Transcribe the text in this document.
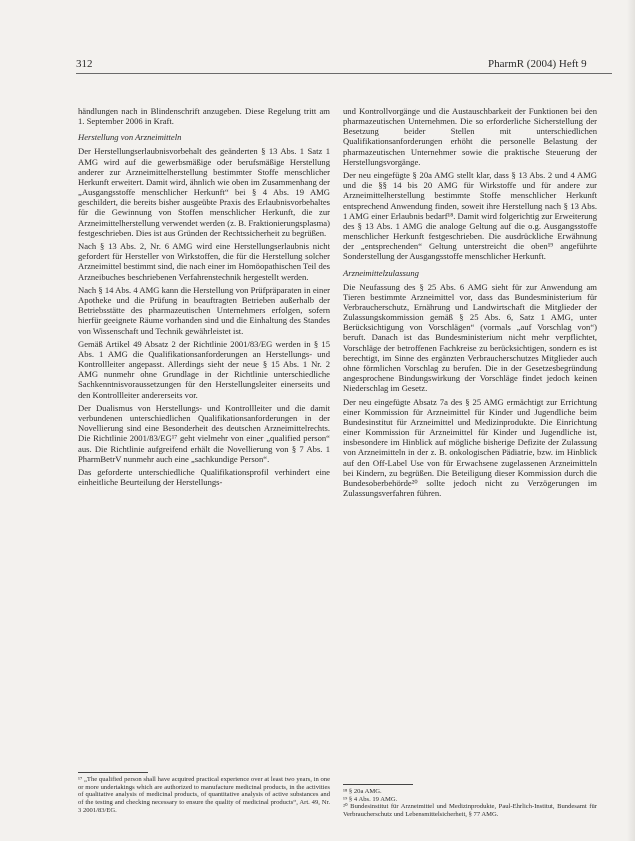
312	PharmR (2004) Heft 9

händlungen nach in Blindenschrift anzugeben. Diese Regelung tritt am 1. September 2006 in Kraft.

Herstellung von Arzneimitteln

Der Herstellungserlaubnisvorbehalt des geänderten § 13 Abs. 1 Satz 1 AMG wird auf die gewerbsmäßige oder berufsmäßige Herstellung anderer zur Arzneimittelherstellung bestimmter Stoffe menschlicher Herkunft erweitert. Damit wird, ähnlich wie oben im Zusammenhang der „Ausgangsstoffe menschlicher Herkunft“ bei § 4 Abs. 19 AMG geschildert, die bereits bisher ausgeübte Praxis des Erlaubnisvorbehaltes für die Gewinnung von Stoffen menschlicher Herkunft, die zur Arzneimittelherstellung verwendet werden (z. B. Fraktionierungsplasma) festgeschrieben. Dies ist aus Gründen der Rechtssicherheit zu begrüßen.

Nach § 13 Abs. 2, Nr. 6 AMG wird eine Herstellungserlaubnis nicht gefordert für Hersteller von Wirkstoffen, die für die Herstellung solcher Arzneimittel bestimmt sind, die nach einer im Homöopathischen Teil des Arzneibuches beschriebenen Verfahrenstechnik hergestellt werden.

Nach § 14 Abs. 4 AMG kann die Herstellung von Prüfpräparaten in einer Apotheke und die Prüfung in beauftragten Betrieben außerhalb der Betriebsstätte des pharmazeutischen Unternehmers erfolgen, sofern hierfür geeignete Räume vorhanden sind und die Einhaltung des Standes von Wissenschaft und Technik gewährleistet ist.

Gemäß Artikel 49 Absatz 2 der Richtlinie 2001/83/EG werden in § 15 Abs. 1 AMG die Qualifikationsanforderungen an Herstellungs- und Kontrollleiter angepasst. Allerdings sieht der neue § 15 Abs. 1 Nr. 2 AMG nunmehr ohne Grundlage in der Richtlinie unterschiedliche Sachkenntnisvoraussetzungen für den Herstellungsleiter einerseits und den Kontrollleiter andererseits vor.

Der Dualismus von Herstellungs- und Kontrollleiter und die damit verbundenen unterschiedlichen Qualifikationsanforderungen in der Novellierung sind eine Besonderheit des deutschen Arzneimittelrechts. Die Richtlinie 2001/83/EG¹⁷ geht vielmehr von einer „qualified person“ aus. Die Richtlinie aufgreifend erhält die Novellierung von § 7 Abs. 1 PharmBetrV nunmehr auch eine „sachkundige Person“.

Das geforderte unterschiedliche Qualifikationsprofil verhindert eine einheitliche Beurteilung der Herstellungs-

und Kontrollvorgänge und die Austauschbarkeit der Funktionen bei den pharmazeutischen Unternehmen. Die so erforderliche Sicherstellung der Besetzung beider Stellen mit unterschiedlichen Qualifikationsanforderungen erhöht die personelle Belastung der pharmazeutischen Unternehmer sowie die praktische Steuerung der Herstellungsvorgänge.

Der neu eingefügte § 20a AMG stellt klar, dass § 13 Abs. 2 und 4 AMG und die §§ 14 bis 20 AMG für Wirkstoffe und für andere zur Arzneimittelherstellung bestimmte Stoffe menschlicher Herkunft entsprechend Anwendung finden, soweit ihre Herstellung nach § 13 Abs. 1 AMG einer Erlaubnis bedarf¹⁸. Damit wird folgerichtig zur Erweiterung des § 13 Abs. 1 AMG die analoge Geltung auf die o.g. Ausgangsstoffe menschlicher Herkunft festgeschrieben. Die ausdrückliche Erwähnung der „entsprechenden“ Geltung unterstreicht die oben¹⁹ angeführte Sonderstellung der Ausgangsstoffe menschlicher Herkunft.

Arzneimittelzulassung

Die Neufassung des § 25 Abs. 6 AMG sieht für zur Anwendung am Tieren bestimmte Arzneimittel vor, dass das Bundesministerium für Verbraucherschutz, Ernährung und Landwirtschaft die Mitglieder der Zulassungskommission gemäß § 25 Abs. 6, Satz 1 AMG, unter Berücksichtigung von Vorschlägen“ (vormals „auf Vorschlag von“) beruft. Danach ist das Bundesministerium nicht mehr verpflichtet, Vorschläge der betroffenen Fachkreise zu berücksichtigen, sondern es ist berechtigt, im Sinne des ergänzten Verbraucherschutzes Mitglieder auch ohne förmlichen Vorschlag zu berufen. Die in der Gesetzesbegründung angesprochene Bindungswirkung der Vorschläge findet jedoch keinen Niederschlag im Gesetz.

Der neu eingefügte Absatz 7a des § 25 AMG ermächtigt zur Errichtung einer Kommission für Arzneimittel für Kinder und Jugendliche beim Bundesinstitut für Arzneimittel und Medizinprodukte. Die Einrichtung einer Kommission für Arzneimittel für Kinder und Jugendliche ist, insbesondere im Hinblick auf mögliche bisherige Defizite der Zulassung von Arzneimitteln in der z. B. onkologischen Pädiatrie, bzw. im Hinblick auf den Off-Label Use von für Erwachsene zugelassenen Arzneimitteln bei Kindern, zu begrüßen. Die Beteiligung dieser Kommission durch die Bundesoberbehörde²⁰ sollte jedoch nicht zu Verzögerungen im Zulassungsverfahren führen.

¹⁷ „The qualified person shall have acquired practical experience over at least two years, in one or more undertakings which are authorized to manufacture medicinal products, in the activities of qualitative analysis of medicinal products, of quantitative analysis of active substances and of the testing and checking necessary to ensure the quality of medicinal products“, Art. 49, Nr. 3 2001/83/EG.

¹⁸ § 20a AMG.

¹⁹ § 4 Abs. 19 AMG.

²⁰ Bundesinstitut für Arzneimittel und Medizinprodukte, Paul-Ehrlich-Institut, Bundesamt für Verbraucherschutz und Lebensmittelsicherheit, § 77 AMG.
